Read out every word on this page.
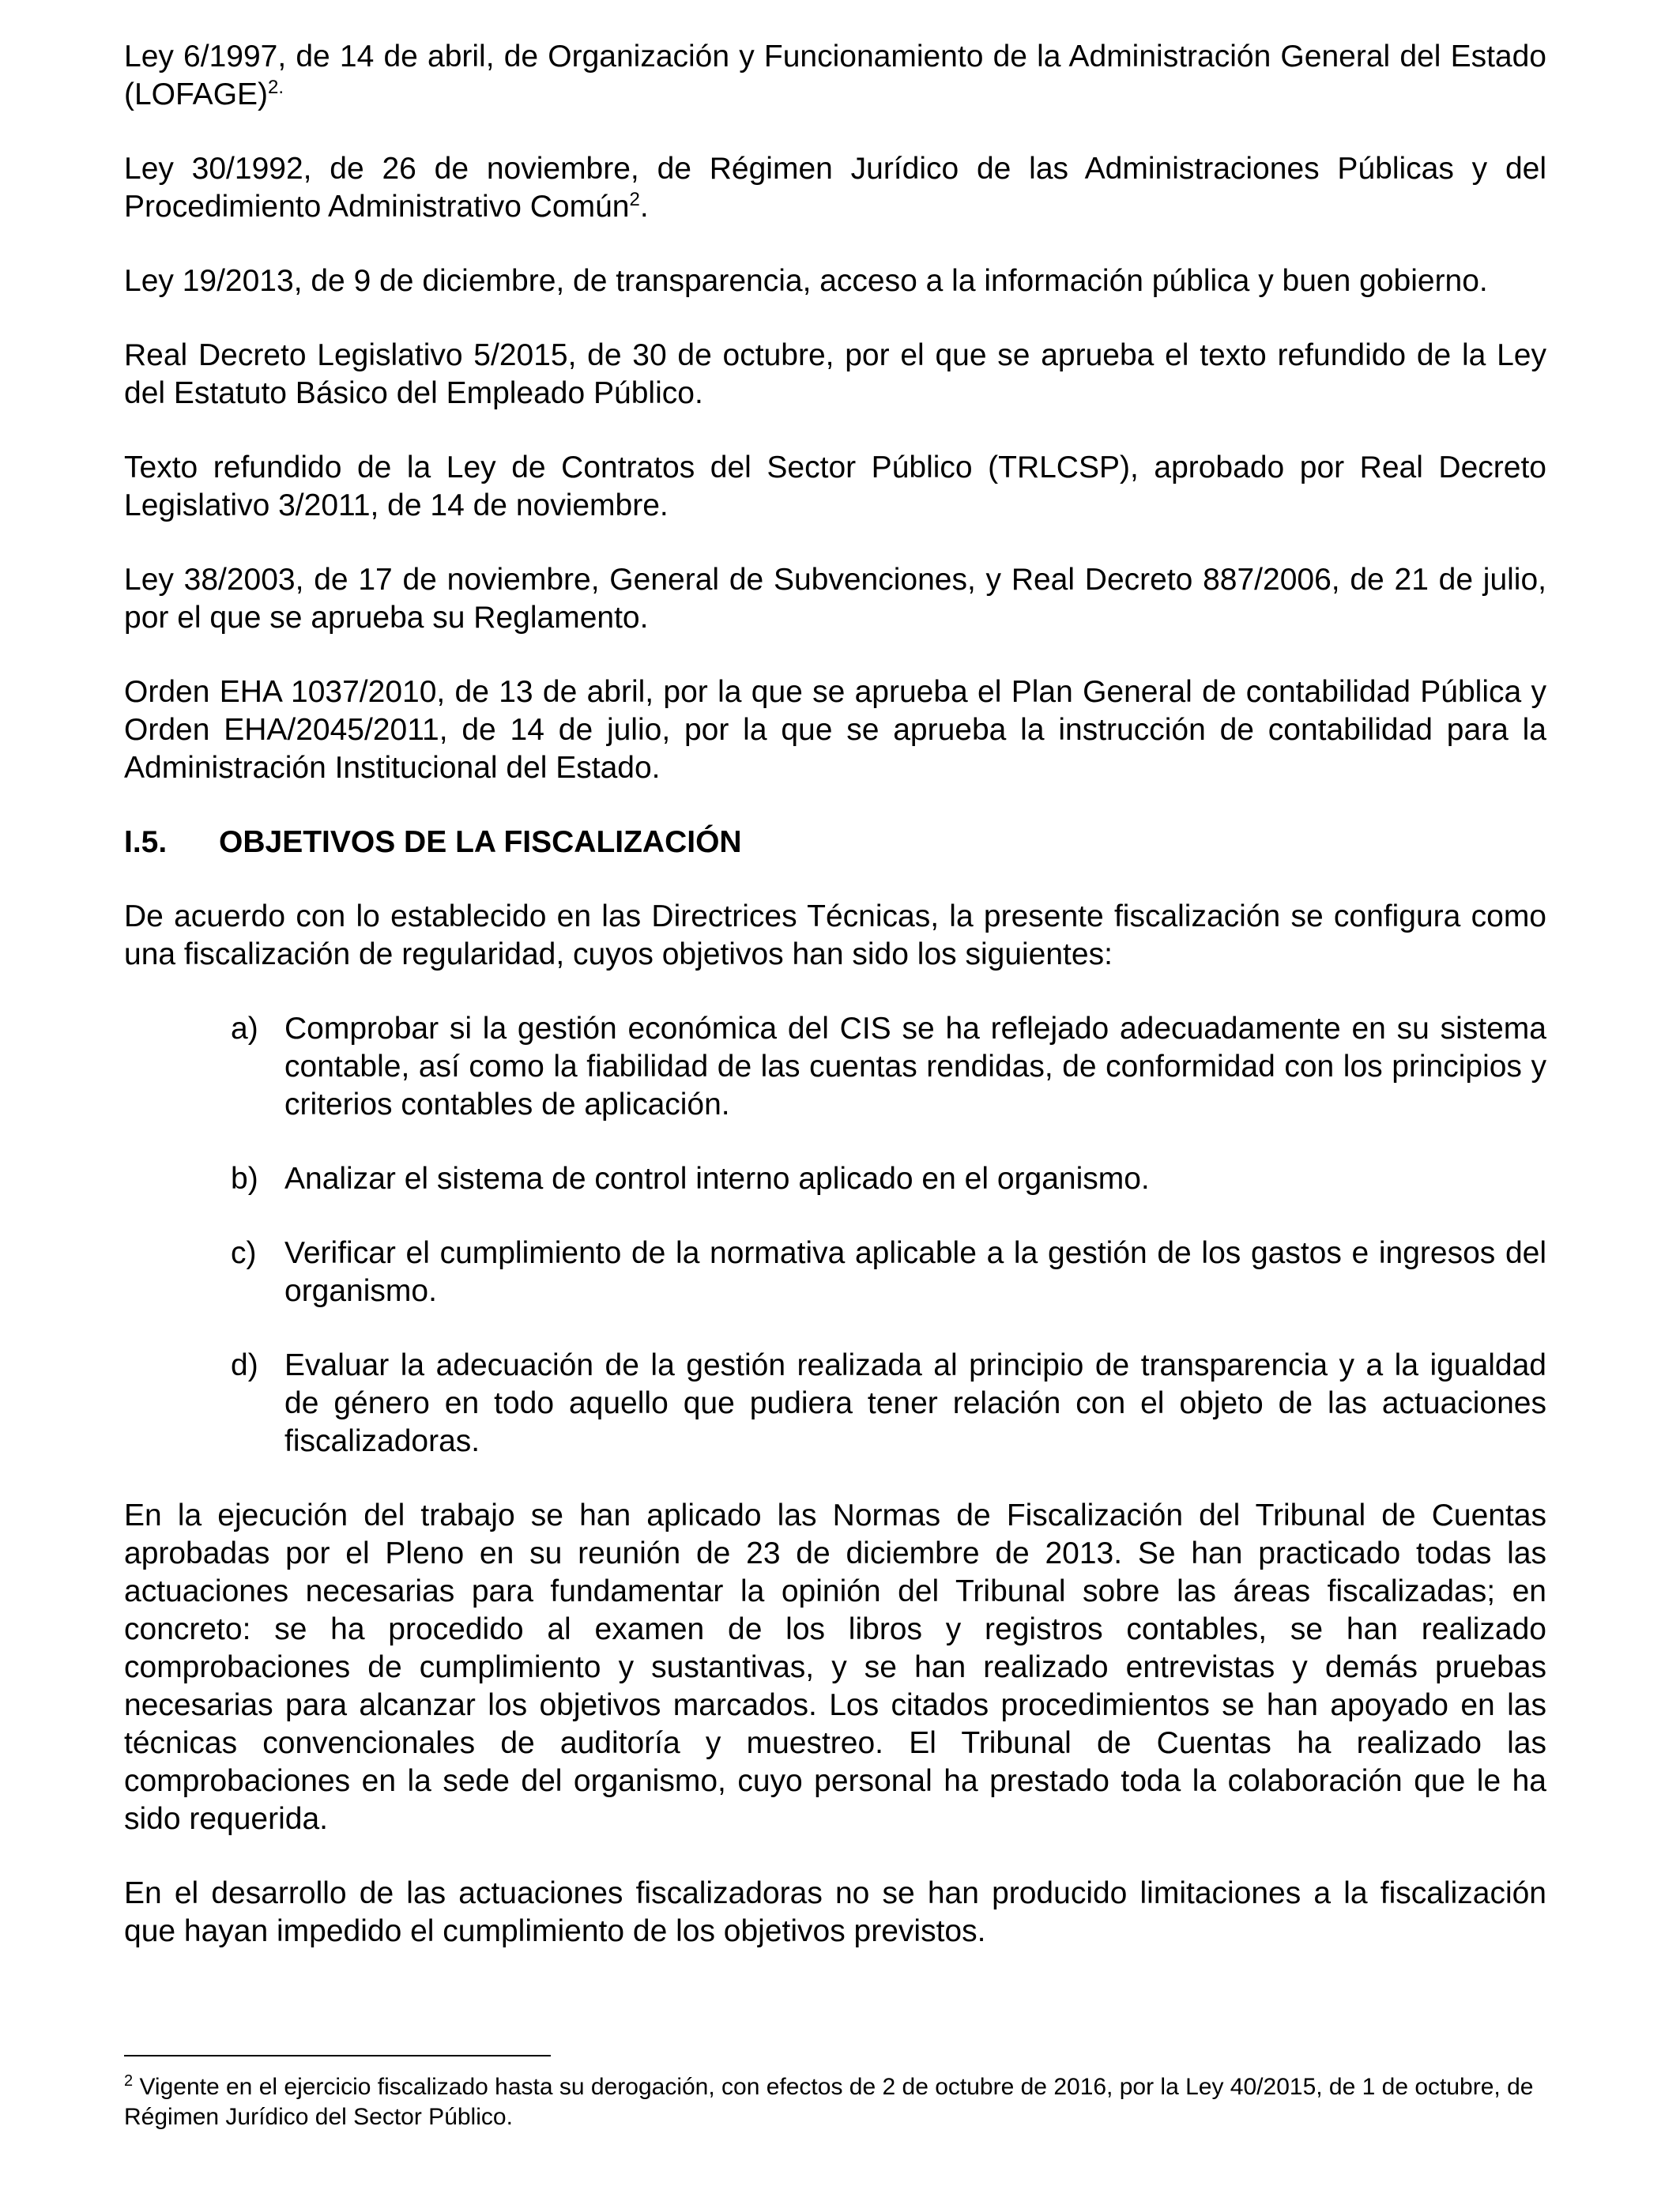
Ley 6/1997, de 14 de abril, de Organización y Funcionamiento de la Administración General del Estado (LOFAGE)$^{2.}$

Ley 30/1992, de 26 de noviembre, de Régimen Jurídico de las Administraciones Públicas y del Procedimiento Administrativo Común$^2$.

Ley 19/2013, de 9 de diciembre, de transparencia, acceso a la información pública y buen gobierno.

Real Decreto Legislativo 5/2015, de 30 de octubre, por el que se aprueba el texto refundido de la Ley del Estatuto Básico del Empleado Público.

Texto refundido de la Ley de Contratos del Sector Público (TRLCSP), aprobado por Real Decreto Legislativo 3/2011, de 14 de noviembre.

Ley 38/2003, de 17 de noviembre, General de Subvenciones, y Real Decreto 887/2006, de 21 de julio, por el que se aprueba su Reglamento.

Orden EHA 1037/2010, de 13 de abril, por la que se aprueba el Plan General de contabilidad Pública y Orden EHA/2045/2011, de 14 de julio, por la que se aprueba la instrucción de contabilidad para la Administración Institucional del Estado.

I.5.	OBJETIVOS DE LA FISCALIZACIÓN

De acuerdo con lo establecido en las Directrices Técnicas, la presente fiscalización se configura como una fiscalización de regularidad, cuyos objetivos han sido los siguientes:

a) Comprobar si la gestión económica del CIS se ha reflejado adecuadamente en su sistema contable, así como la fiabilidad de las cuentas rendidas, de conformidad con los principios y criterios contables de aplicación.
b) Analizar el sistema de control interno aplicado en el organismo.
c) Verificar el cumplimiento de la normativa aplicable a la gestión de los gastos e ingresos del organismo.
d) Evaluar la adecuación de la gestión realizada al principio de transparencia y a la igualdad de género en todo aquello que pudiera tener relación con el objeto de las actuaciones fiscalizadoras.

En la ejecución del trabajo se han aplicado las Normas de Fiscalización del Tribunal de Cuentas aprobadas por el Pleno en su reunión de 23 de diciembre de 2013. Se han practicado todas las actuaciones necesarias para fundamentar la opinión del Tribunal sobre las áreas fiscalizadas; en concreto: se ha procedido al examen de los libros y registros contables, se han realizado comprobaciones de cumplimiento y sustantivas, y se han realizado entrevistas y demás pruebas necesarias para alcanzar los objetivos marcados. Los citados procedimientos se han apoyado en las técnicas convencionales de auditoría y muestreo. El Tribunal de Cuentas ha realizado las comprobaciones en la sede del organismo, cuyo personal ha prestado toda la colaboración que le ha sido requerida.

En el desarrollo de las actuaciones fiscalizadoras no se han producido limitaciones a la fiscalización que hayan impedido el cumplimiento de los objetivos previstos.

$^2$ Vigente en el ejercicio fiscalizado hasta su derogación, con efectos de 2 de octubre de 2016, por la Ley 40/2015, de 1 de octubre, de Régimen Jurídico del Sector Público.
